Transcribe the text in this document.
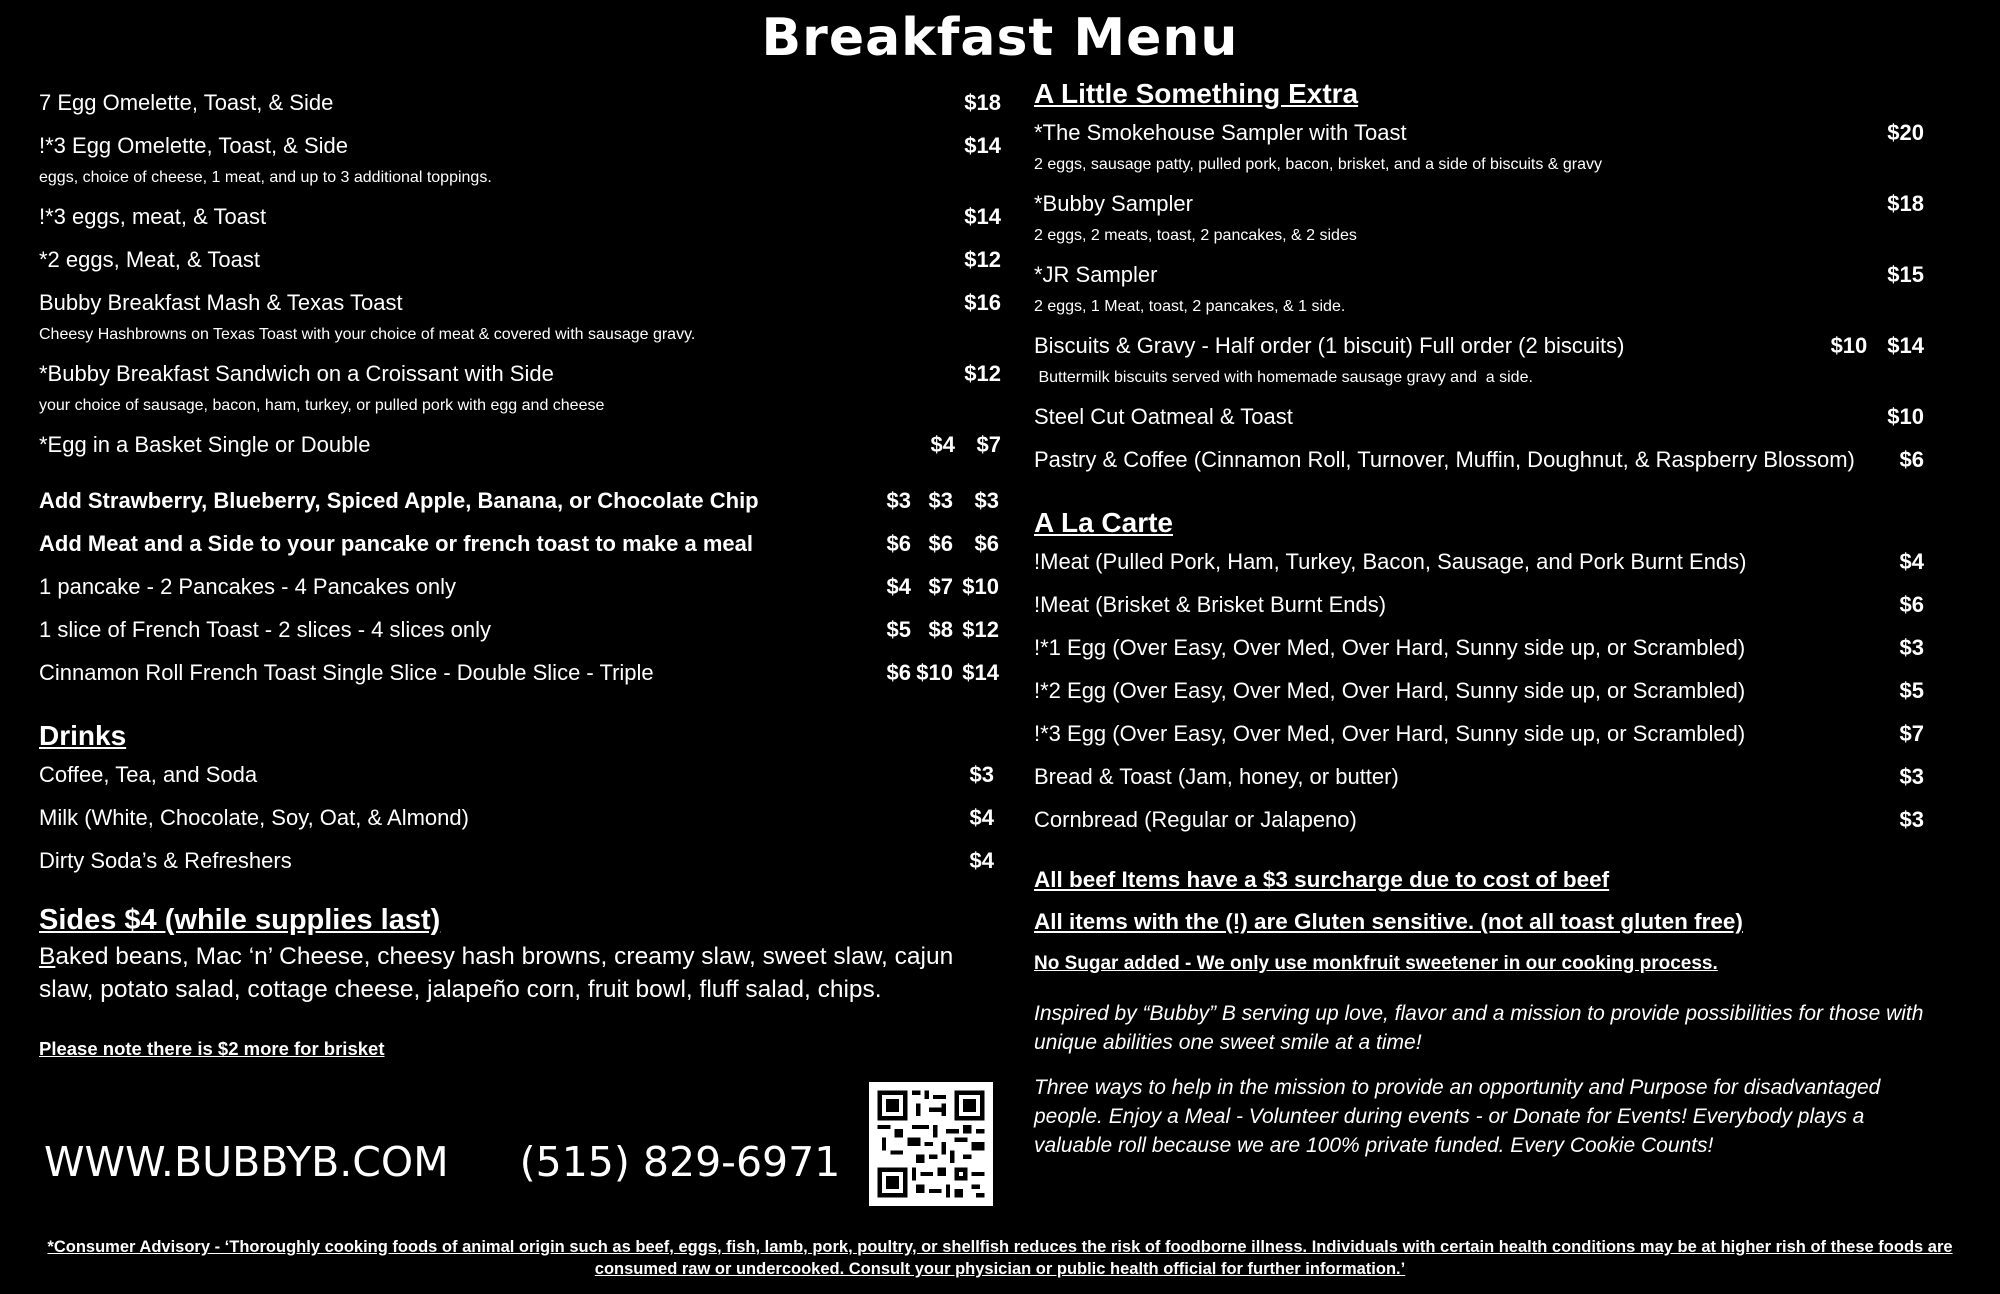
Breakfast Menu
7 Egg Omelette, Toast, & Side	$18
!*3 Egg Omelette, Toast, & Side	$14
eggs, choice of cheese, 1 meat, and up to 3 additional toppings.
!*3 eggs, meat, & Toast	$14
*2 eggs, Meat, & Toast	$12
Bubby Breakfast Mash & Texas Toast	$16
Cheesy Hashbrowns on Texas Toast with your choice of meat & covered with sausage gravy.
*Bubby Breakfast Sandwich on a Croissant with Side	$12
your choice of sausage, bacon, ham, turkey, or pulled pork with egg and cheese
*Egg in a Basket Single or Double	$4 $7
Add Strawberry, Blueberry, Spiced Apple, Banana, or Chocolate Chip	$3 $3 $3
Add Meat and a Side to your pancake or french toast to make a meal	$6 $6 $6
1 pancake - 2 Pancakes - 4 Pancakes only	$4 $7 $10
1 slice of French Toast - 2 slices - 4 slices only	$5 $8 $12
Cinnamon Roll French Toast Single Slice - Double Slice - Triple	$6 $10 $14
Drinks
Coffee, Tea, and Soda	$3
Milk (White, Chocolate, Soy, Oat, & Almond)	$4
Dirty Soda’s & Refreshers	$4
Sides $4 (while supplies last)
Baked beans, Mac ‘n’ Cheese, cheesy hash browns, creamy slaw, sweet slaw, cajun slaw, potato salad, cottage cheese, jalapeño corn, fruit bowl, fluff salad, chips.
Please note there is $2 more for brisket
WWW.BUBBYB.COM (515) 829-6971
A Little Something Extra
*The Smokehouse Sampler with Toast	$20
2 eggs, sausage patty, pulled pork, bacon, brisket, and a side of biscuits & gravy
*Bubby Sampler	$18
2 eggs, 2 meats, toast, 2 pancakes, & 2 sides
*JR Sampler	$15
2 eggs, 1 Meat, toast, 2 pancakes, & 1 side.
Biscuits & Gravy - Half order (1 biscuit) Full order (2 biscuits)	$10 $14
Buttermilk biscuits served with homemade sausage gravy and  a side.
Steel Cut Oatmeal & Toast	$10
Pastry & Coffee (Cinnamon Roll, Turnover, Muffin, Doughnut, & Raspberry Blossom)	$6
A La Carte
!Meat (Pulled Pork, Ham, Turkey, Bacon, Sausage, and Pork Burnt Ends)	$4
!Meat (Brisket & Brisket Burnt Ends)	$6
!*1 Egg (Over Easy, Over Med, Over Hard, Sunny side up, or Scrambled)	$3
!*2 Egg (Over Easy, Over Med, Over Hard, Sunny side up, or Scrambled)	$5
!*3 Egg (Over Easy, Over Med, Over Hard, Sunny side up, or Scrambled)	$7
Bread & Toast (Jam, honey, or butter)	$3
Cornbread (Regular or Jalapeno)	$3
All beef Items have a $3 surcharge due to cost of beef
All items with the (!) are Gluten sensitive. (not all toast gluten free)
No Sugar added - We only use monkfruit sweetener in our cooking process.
Inspired by “Bubby” B serving up love, flavor and a mission to provide possibilities for those with unique abilities one sweet smile at a time!
Three ways to help in the mission to provide an opportunity and Purpose for disadvantaged people. Enjoy a Meal - Volunteer during events - or Donate for Events! Everybody plays a valuable roll because we are 100% private funded. Every Cookie Counts!
*Consumer Advisory - ‘Thoroughly cooking foods of animal origin such as beef, eggs, fish, lamb, pork, poultry, or shellfish reduces the risk of foodborne illness. Individuals with certain health conditions may be at higher rish of these foods are consumed raw or undercooked. Consult your physician or public health official for further information.’
